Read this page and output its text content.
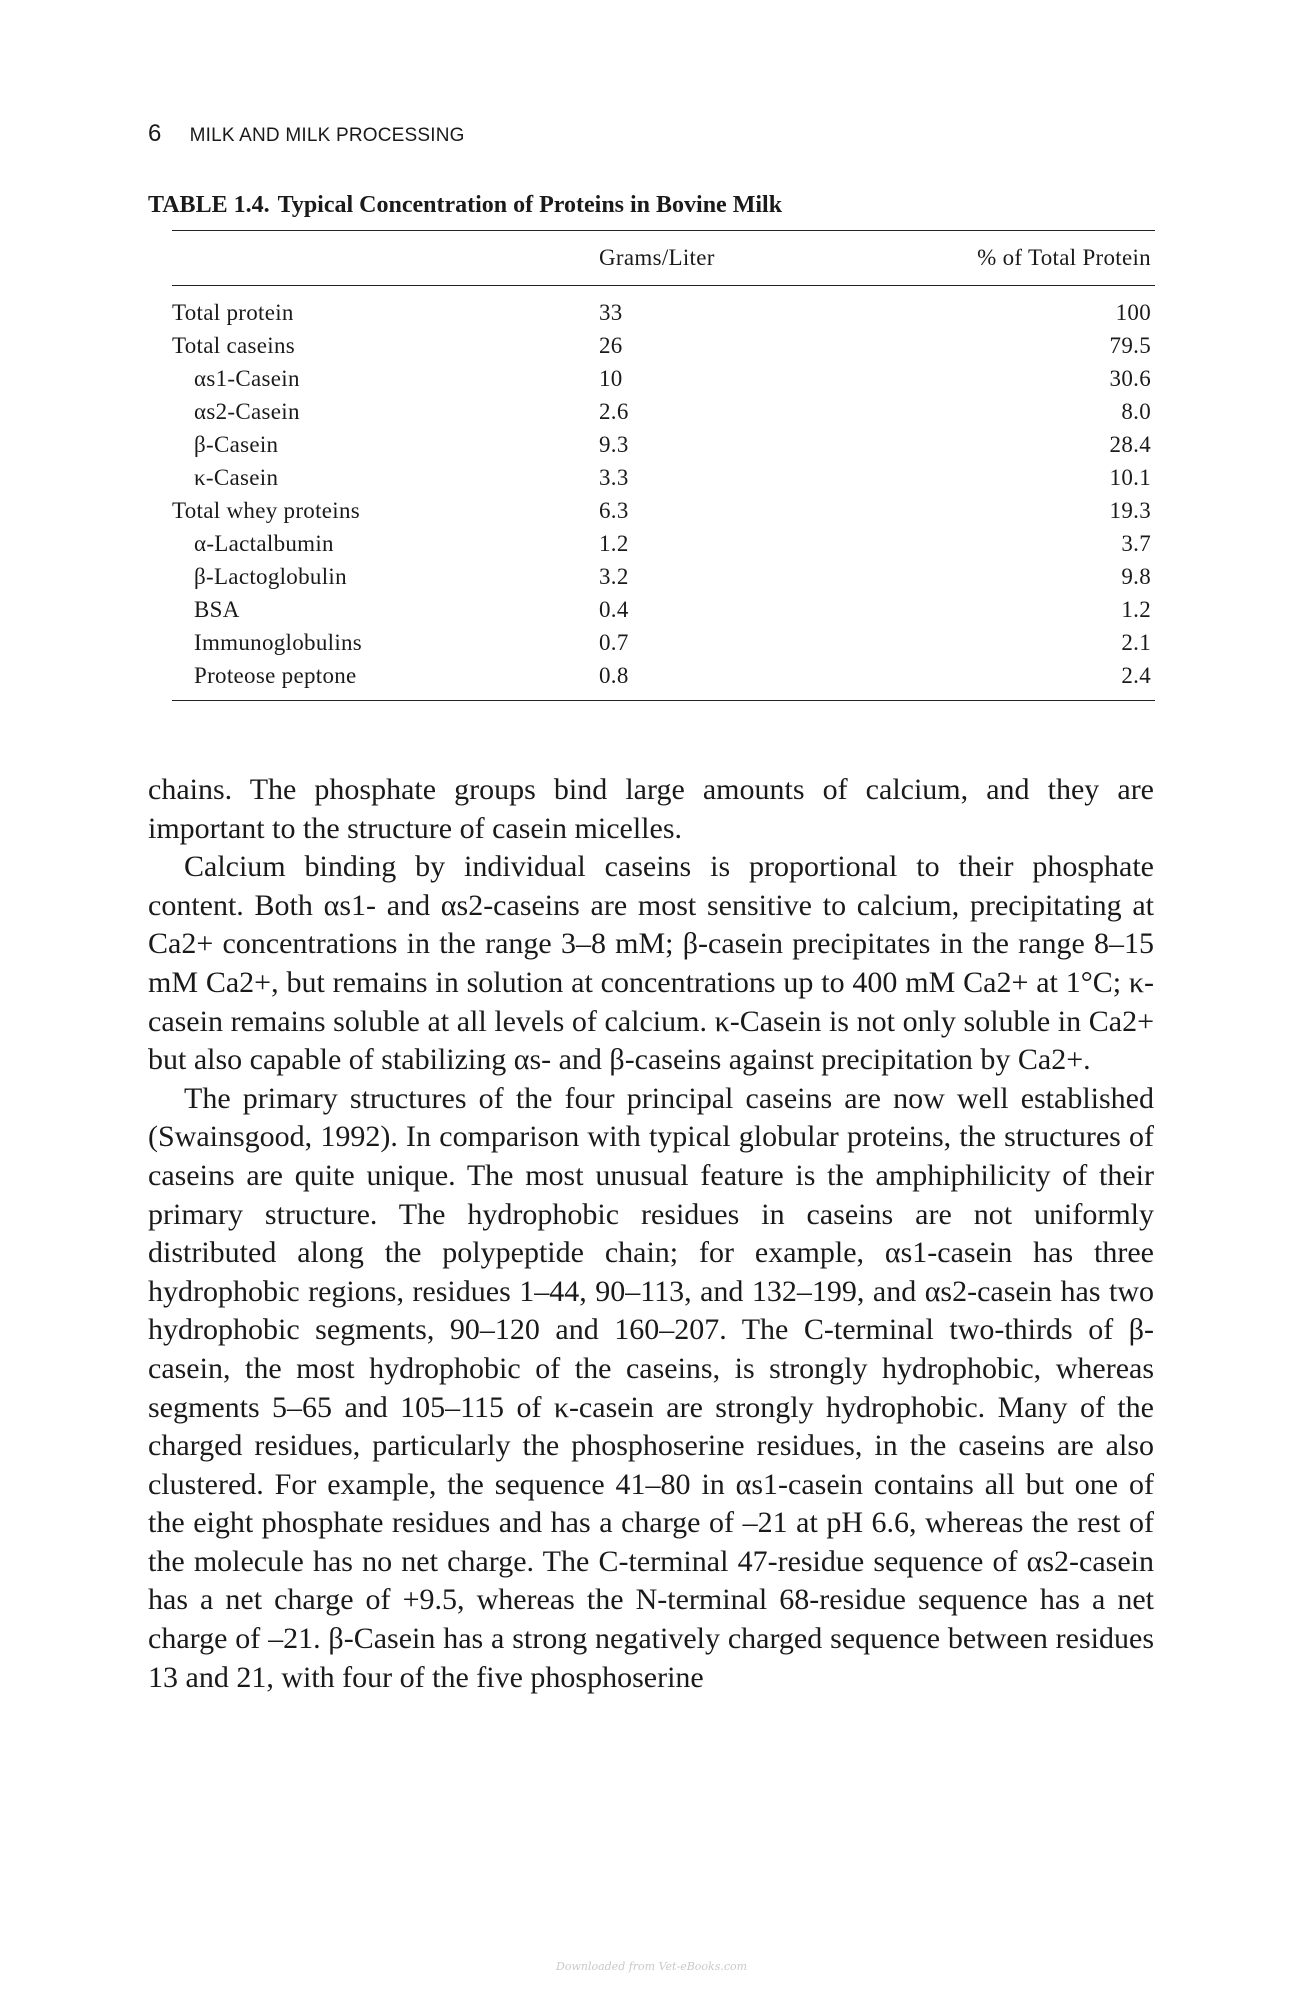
6 MILK AND MILK PROCESSING
TABLE 1.4. Typical Concentration of Proteins in Bovine Milk
	Grams/Liter	% of Total Protein
Total protein	33	100
Total caseins	26	79.5
αs1-Casein	10	30.6
αs2-Casein	2.6	8.0
β-Casein	9.3	28.4
κ-Casein	3.3	10.1
Total whey proteins	6.3	19.3
α-Lactalbumin	1.2	3.7
β-Lactoglobulin	3.2	9.8
BSA	0.4	1.2
Immunoglobulins	0.7	2.1
Proteose peptone	0.8	2.4

chains. The phosphate groups bind large amounts of calcium, and they are important to the structure of casein micelles.

Calcium binding by individual caseins is proportional to their phosphate content. Both αs1- and αs2-caseins are most sensitive to calcium, precipitating at Ca2+ concentrations in the range 3–8 mM; β-casein precipitates in the range 8–15 mM Ca2+, but remains in solution at concentrations up to 400 mM Ca2+ at 1°C; κ-casein remains soluble at all levels of calcium. κ-Casein is not only soluble in Ca2+ but also capable of stabilizing αs- and β-caseins against precipitation by Ca2+.

The primary structures of the four principal caseins are now well established (Swainsgood, 1992). In comparison with typical globular proteins, the structures of caseins are quite unique. The most unusual feature is the amphiphilicity of their primary structure. The hydrophobic residues in caseins are not uniformly distributed along the polypeptide chain; for example, αs1-casein has three hydrophobic regions, residues 1–44, 90–113, and 132–199, and αs2-casein has two hydrophobic segments, 90–120 and 160–207. The C-terminal two-thirds of β-casein, the most hydrophobic of the caseins, is strongly hydrophobic, whereas segments 5–65 and 105–115 of κ-casein are strongly hydrophobic. Many of the charged residues, particularly the phosphoserine residues, in the caseins are also clustered. For example, the sequence 41–80 in αs1-casein contains all but one of the eight phosphate residues and has a charge of –21 at pH 6.6, whereas the rest of the molecule has no net charge. The C-terminal 47-residue sequence of αs2-casein has a net charge of +9.5, whereas the N-terminal 68-residue sequence has a net charge of –21. β-Casein has a strong negatively charged sequence between residues 13 and 21, with four of the five phosphoserine

Downloaded from Vet-eBooks.com
